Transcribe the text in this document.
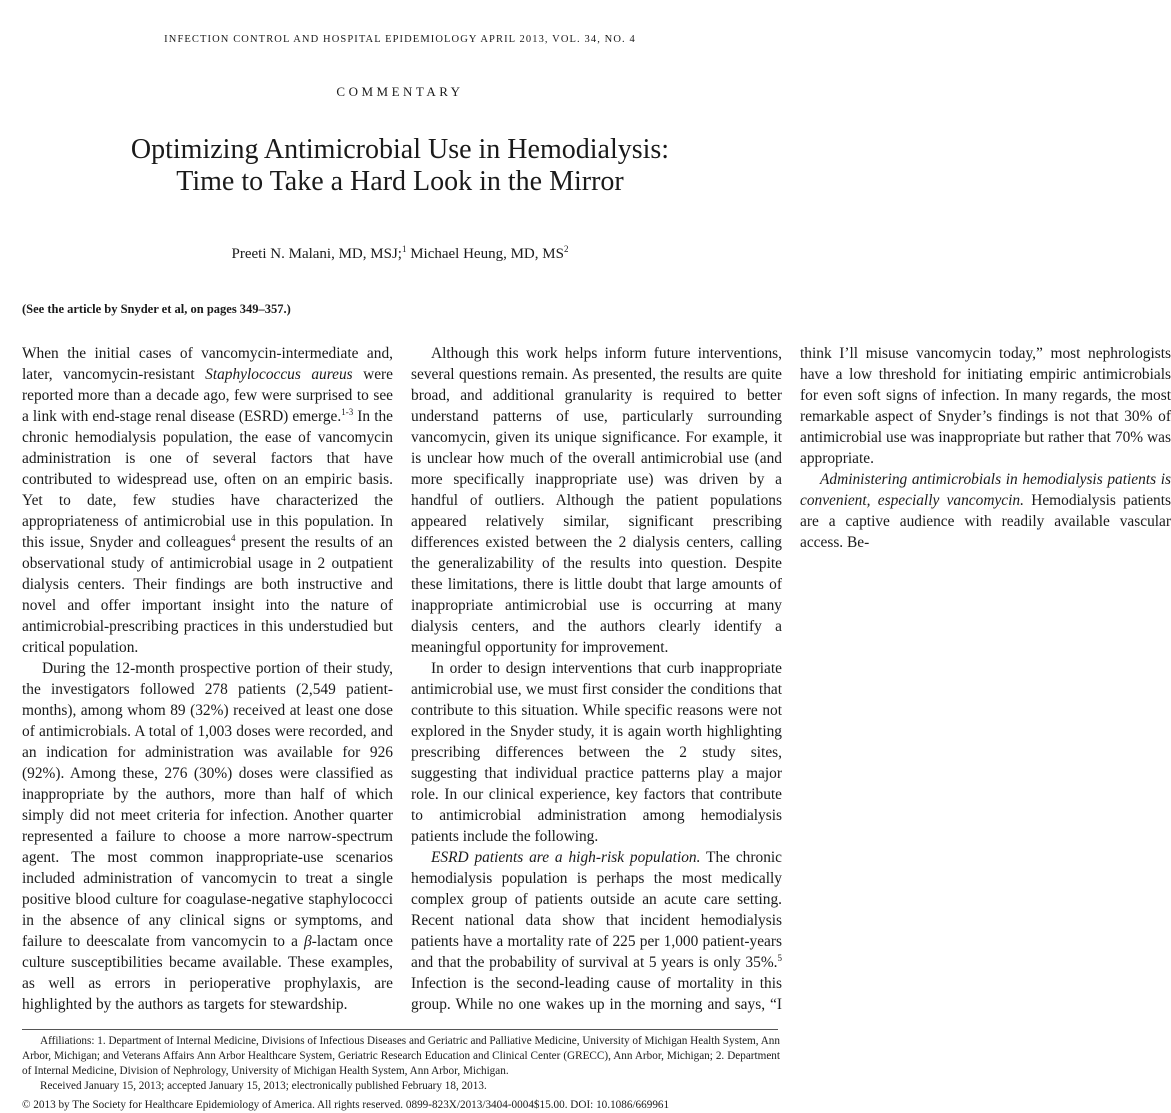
INFECTION CONTROL AND HOSPITAL EPIDEMIOLOGY APRIL 2013, VOL. 34, NO. 4
COMMENTARY
Optimizing Antimicrobial Use in Hemodialysis:
Time to Take a Hard Look in the Mirror
Preeti N. Malani, MD, MSJ;$^1$ Michael Heung, MD, $MS^2$
(See the article by Snyder et al, on pages 349–357.)

When the initial cases of vancomycin-intermediate and, later, vancomycin-resistant Staphylococcus aureus were reported more than a decade ago, few were surprised to see a link with end-stage renal disease (ESRD) emerge.$^{1-3}$ In the chronic hemodialysis population, the ease of vancomycin administration is one of several factors that have contributed to widespread use, often on an empiric basis. Yet to date, few studies have characterized the appropriateness of antimicrobial use in this population. In this issue, Snyder and colleagues$^4$ present the results of an observational study of antimicrobial usage in 2 outpatient dialysis centers. Their findings are both instructive and novel and offer important insight into the nature of antimicrobial-prescribing practices in this understudied but critical population.

During the 12-month prospective portion of their study, the investigators followed 278 patients (2,549 patient-months), among whom 89 (32%) received at least one dose of antimicrobials. A total of 1,003 doses were recorded, and an indication for administration was available for 926 (92%). Among these, 276 (30%) doses were classified as inappropriate by the authors, more than half of which simply did not meet criteria for infection. Another quarter represented a failure to choose a more narrow-spectrum agent. The most common inappropriate-use scenarios included administration of vancomycin to treat a single positive blood culture for coagulase-negative staphylococci in the absence of any clinical signs or symptoms, and failure to deescalate from vancomycin to a β-lactam once culture susceptibilities became available. These examples, as well as errors in perioperative prophylaxis, are highlighted by the authors as targets for stewardship.

Although this work helps inform future interventions, several questions remain. As presented, the results are quite broad, and additional granularity is required to better understand patterns of use, particularly surrounding vancomycin, given its unique significance. For example, it is unclear how much of the overall antimicrobial use (and more specifically inappropriate use) was driven by a handful of outliers. Although the patient populations appeared relatively similar, significant prescribing differences existed between the 2 dialysis centers, calling the generalizability of the results into question. Despite these limitations, there is little doubt that large amounts of inappropriate antimicrobial use is occurring at many dialysis centers, and the authors clearly identify a meaningful opportunity for improvement.

In order to design interventions that curb inappropriate antimicrobial use, we must first consider the conditions that contribute to this situation. While specific reasons were not explored in the Snyder study, it is again worth highlighting prescribing differences between the 2 study sites, suggesting that individual practice patterns play a major role. In our clinical experience, key factors that contribute to antimicrobial administration among hemodialysis patients include the following.

ESRD patients are a high-risk population. The chronic hemodialysis population is perhaps the most medically complex group of patients outside an acute care setting. Recent national data show that incident hemodialysis patients have a mortality rate of 225 per 1,000 patient-years and that the probability of survival at 5 years is only 35%.$^5$ Infection is the second-leading cause of mortality in this group. While no one wakes up in the morning and says, “I think I’ll misuse vancomycin today,” most nephrologists have a low threshold for initiating empiric antimicrobials for even soft signs of infection. In many regards, the most remarkable aspect of Snyder’s findings is not that 30% of antimicrobial use was inappropriate but rather that 70% was appropriate.

Administering antimicrobials in hemodialysis patients is convenient, especially vancomycin. Hemodialysis patients are a captive audience with readily available vascular access. Be-

Affiliations: 1. Department of Internal Medicine, Divisions of Infectious Diseases and Geriatric and Palliative Medicine, University of Michigan Health System, Ann Arbor, Michigan; and Veterans Affairs Ann Arbor Healthcare System, Geriatric Research Education and Clinical Center (GRECC), Ann Arbor, Michigan; 2. Department of Internal Medicine, Division of Nephrology, University of Michigan Health System, Ann Arbor, Michigan.

Received January 15, 2013; accepted January 15, 2013; electronically published February 18, 2013.

© 2013 by The Society for Healthcare Epidemiology of America. All rights reserved. 0899-823X/2013/3404-0004$15.00. DOI: 10.1086/669961
